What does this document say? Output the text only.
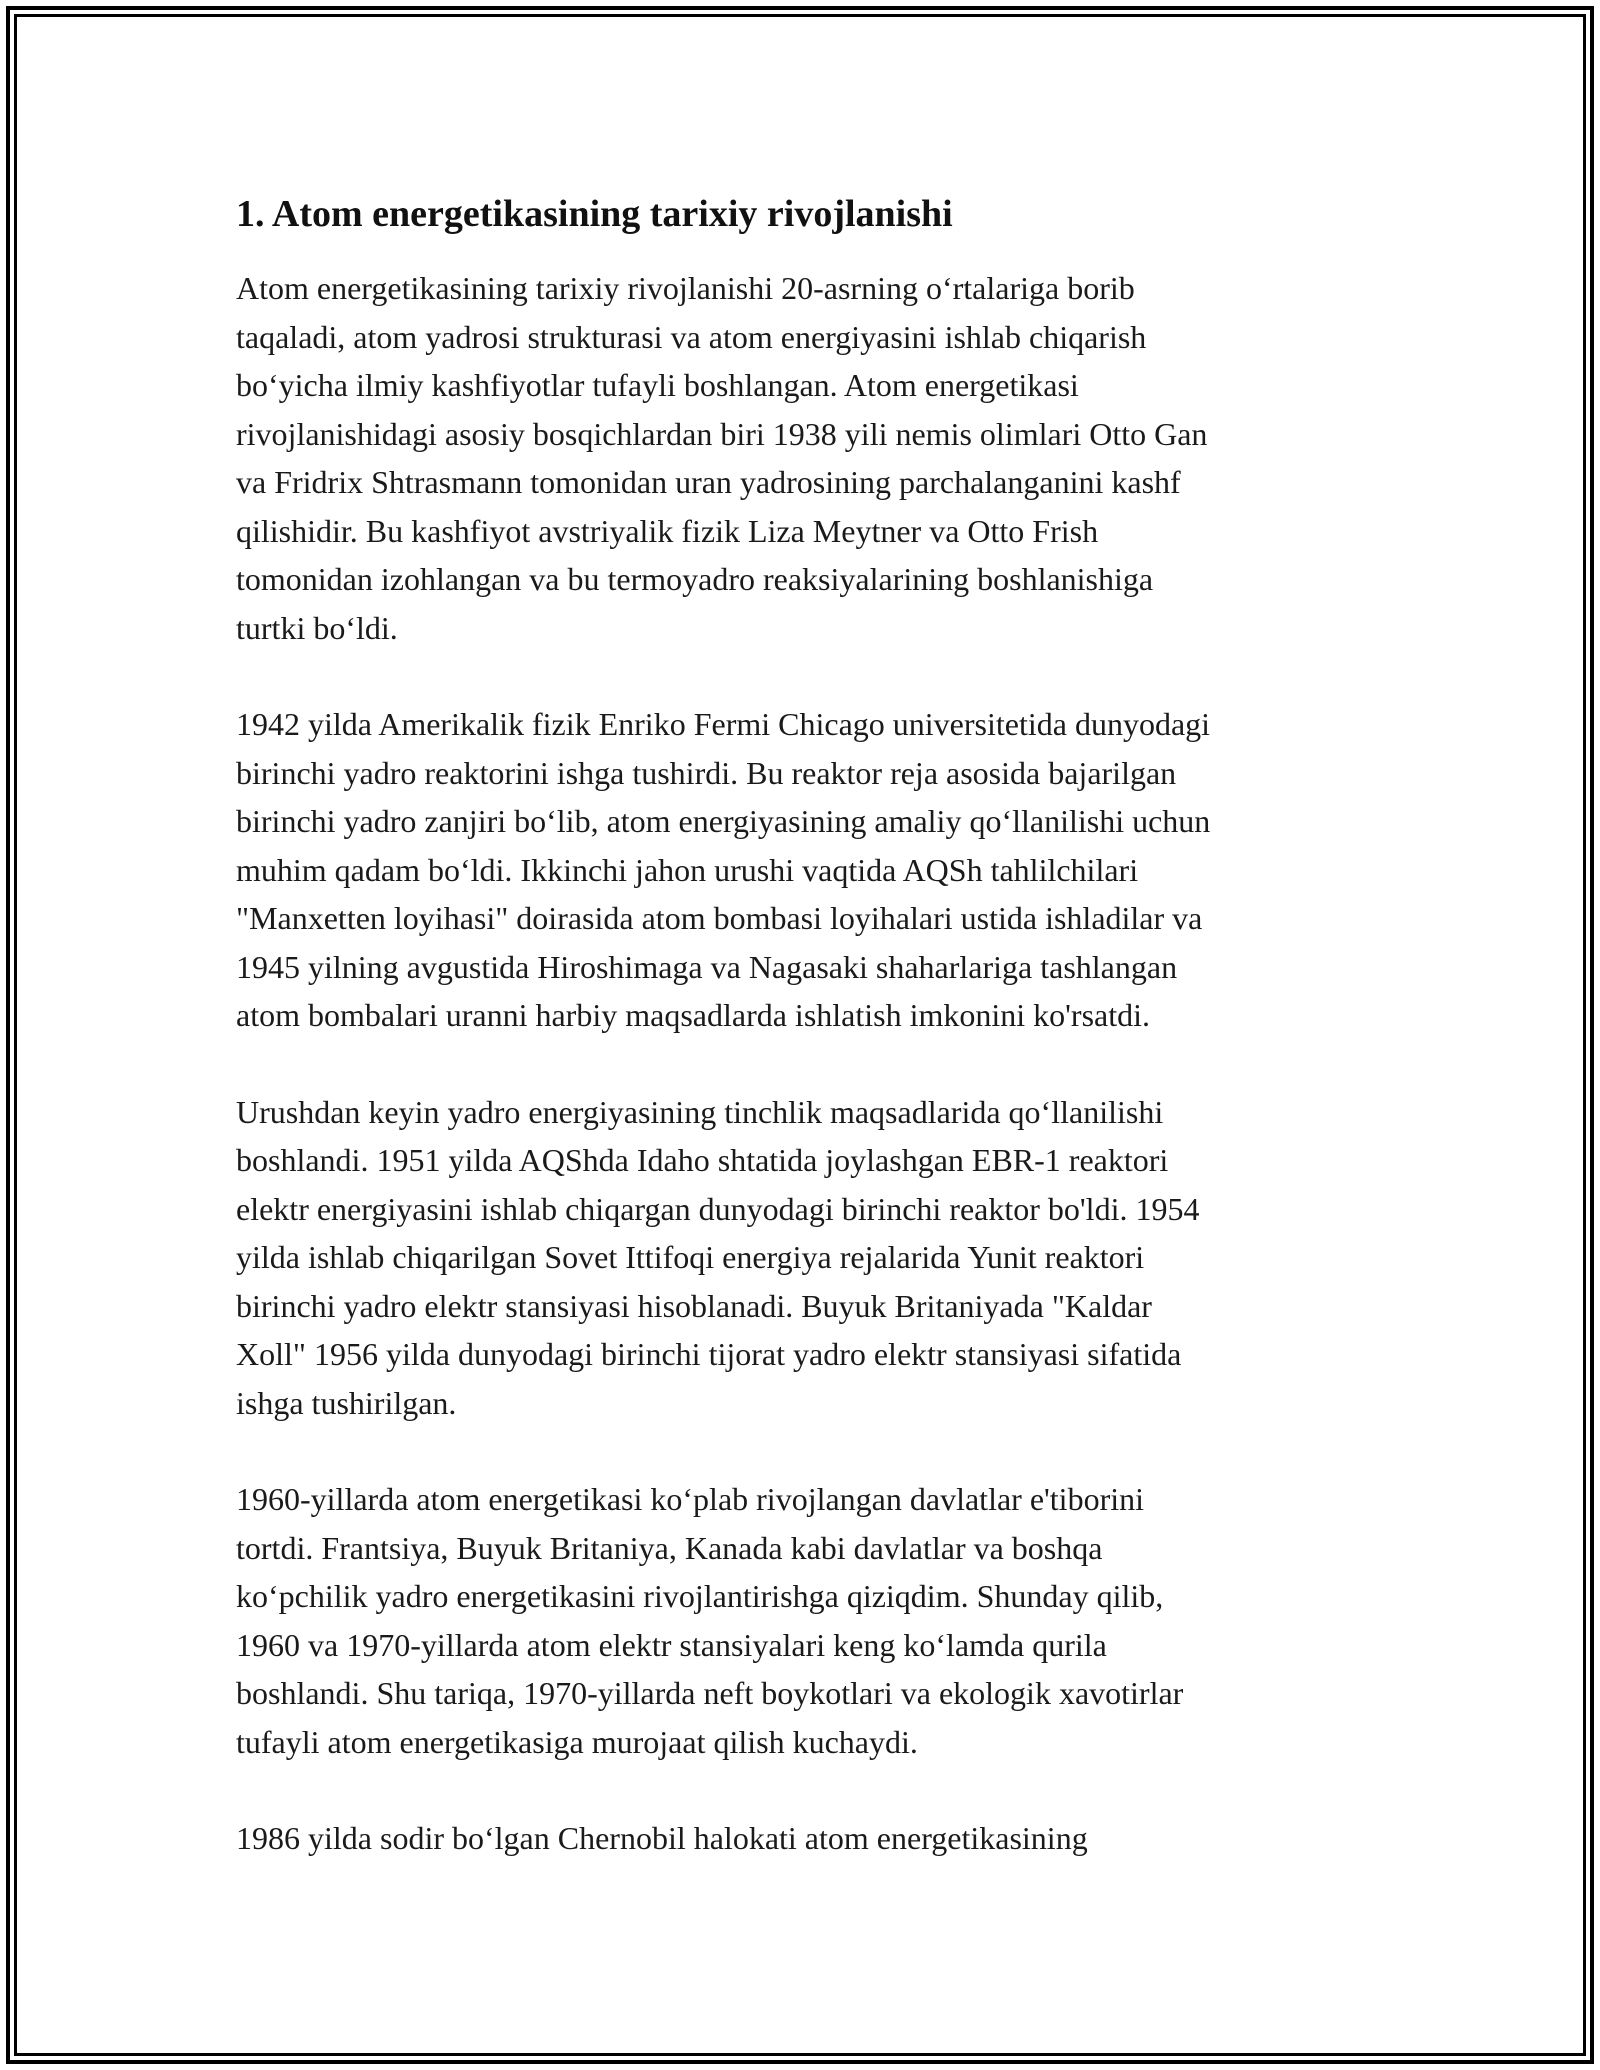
1. Atom energetikasining tarixiy rivojlanishi

Atom energetikasining tarixiy rivojlanishi 20-asrning o‘rtalariga borib
taqaladi, atom yadrosi strukturasi va atom energiyasini ishlab chiqarish
bo‘yicha ilmiy kashfiyotlar tufayli boshlangan. Atom energetikasi
rivojlanishidagi asosiy bosqichlardan biri 1938 yili nemis olimlari Otto Gan
va Fridrix Shtrasmann tomonidan uran yadrosining parchalanganini kashf
qilishidir. Bu kashfiyot avstriyalik fizik Liza Meytner va Otto Frish
tomonidan izohlangan va bu termoyadro reaksiyalarining boshlanishiga
turtki bo‘ldi.

1942 yilda Amerikalik fizik Enriko Fermi Chicago universitetida dunyodagi
birinchi yadro reaktorini ishga tushirdi. Bu reaktor reja asosida bajarilgan
birinchi yadro zanjiri bo‘lib, atom energiyasining amaliy qo‘llanilishi uchun
muhim qadam bo‘ldi. Ikkinchi jahon urushi vaqtida AQSh tahlilchilari
"Manxetten loyihasi" doirasida atom bombasi loyihalari ustida ishladilar va
1945 yilning avgustida Hiroshimaga va Nagasaki shaharlariga tashlangan
atom bombalari uranni harbiy maqsadlarda ishlatish imkonini ko'rsatdi.

Urushdan keyin yadro energiyasining tinchlik maqsadlarida qo‘llanilishi
boshlandi. 1951 yilda AQShda Idaho shtatida joylashgan EBR-1 reaktori
elektr energiyasini ishlab chiqargan dunyodagi birinchi reaktor bo'ldi. 1954
yilda ishlab chiqarilgan Sovet Ittifoqi energiya rejalarida Yunit reaktori
birinchi yadro elektr stansiyasi hisoblanadi. Buyuk Britaniyada "Kaldar
Xoll" 1956 yilda dunyodagi birinchi tijorat yadro elektr stansiyasi sifatida
ishga tushirilgan.

1960-yillarda atom energetikasi ko‘plab rivojlangan davlatlar e'tiborini
tortdi. Frantsiya, Buyuk Britaniya, Kanada kabi davlatlar va boshqa
ko‘pchilik yadro energetikasini rivojlantirishga qiziqdim. Shunday qilib,
1960 va 1970-yillarda atom elektr stansiyalari keng ko‘lamda qurila
boshlandi. Shu tariqa, 1970-yillarda neft boykotlari va ekologik xavotirlar
tufayli atom energetikasiga murojaat qilish kuchaydi.

1986 yilda sodir bo‘lgan Chernobil halokati atom energetikasining
